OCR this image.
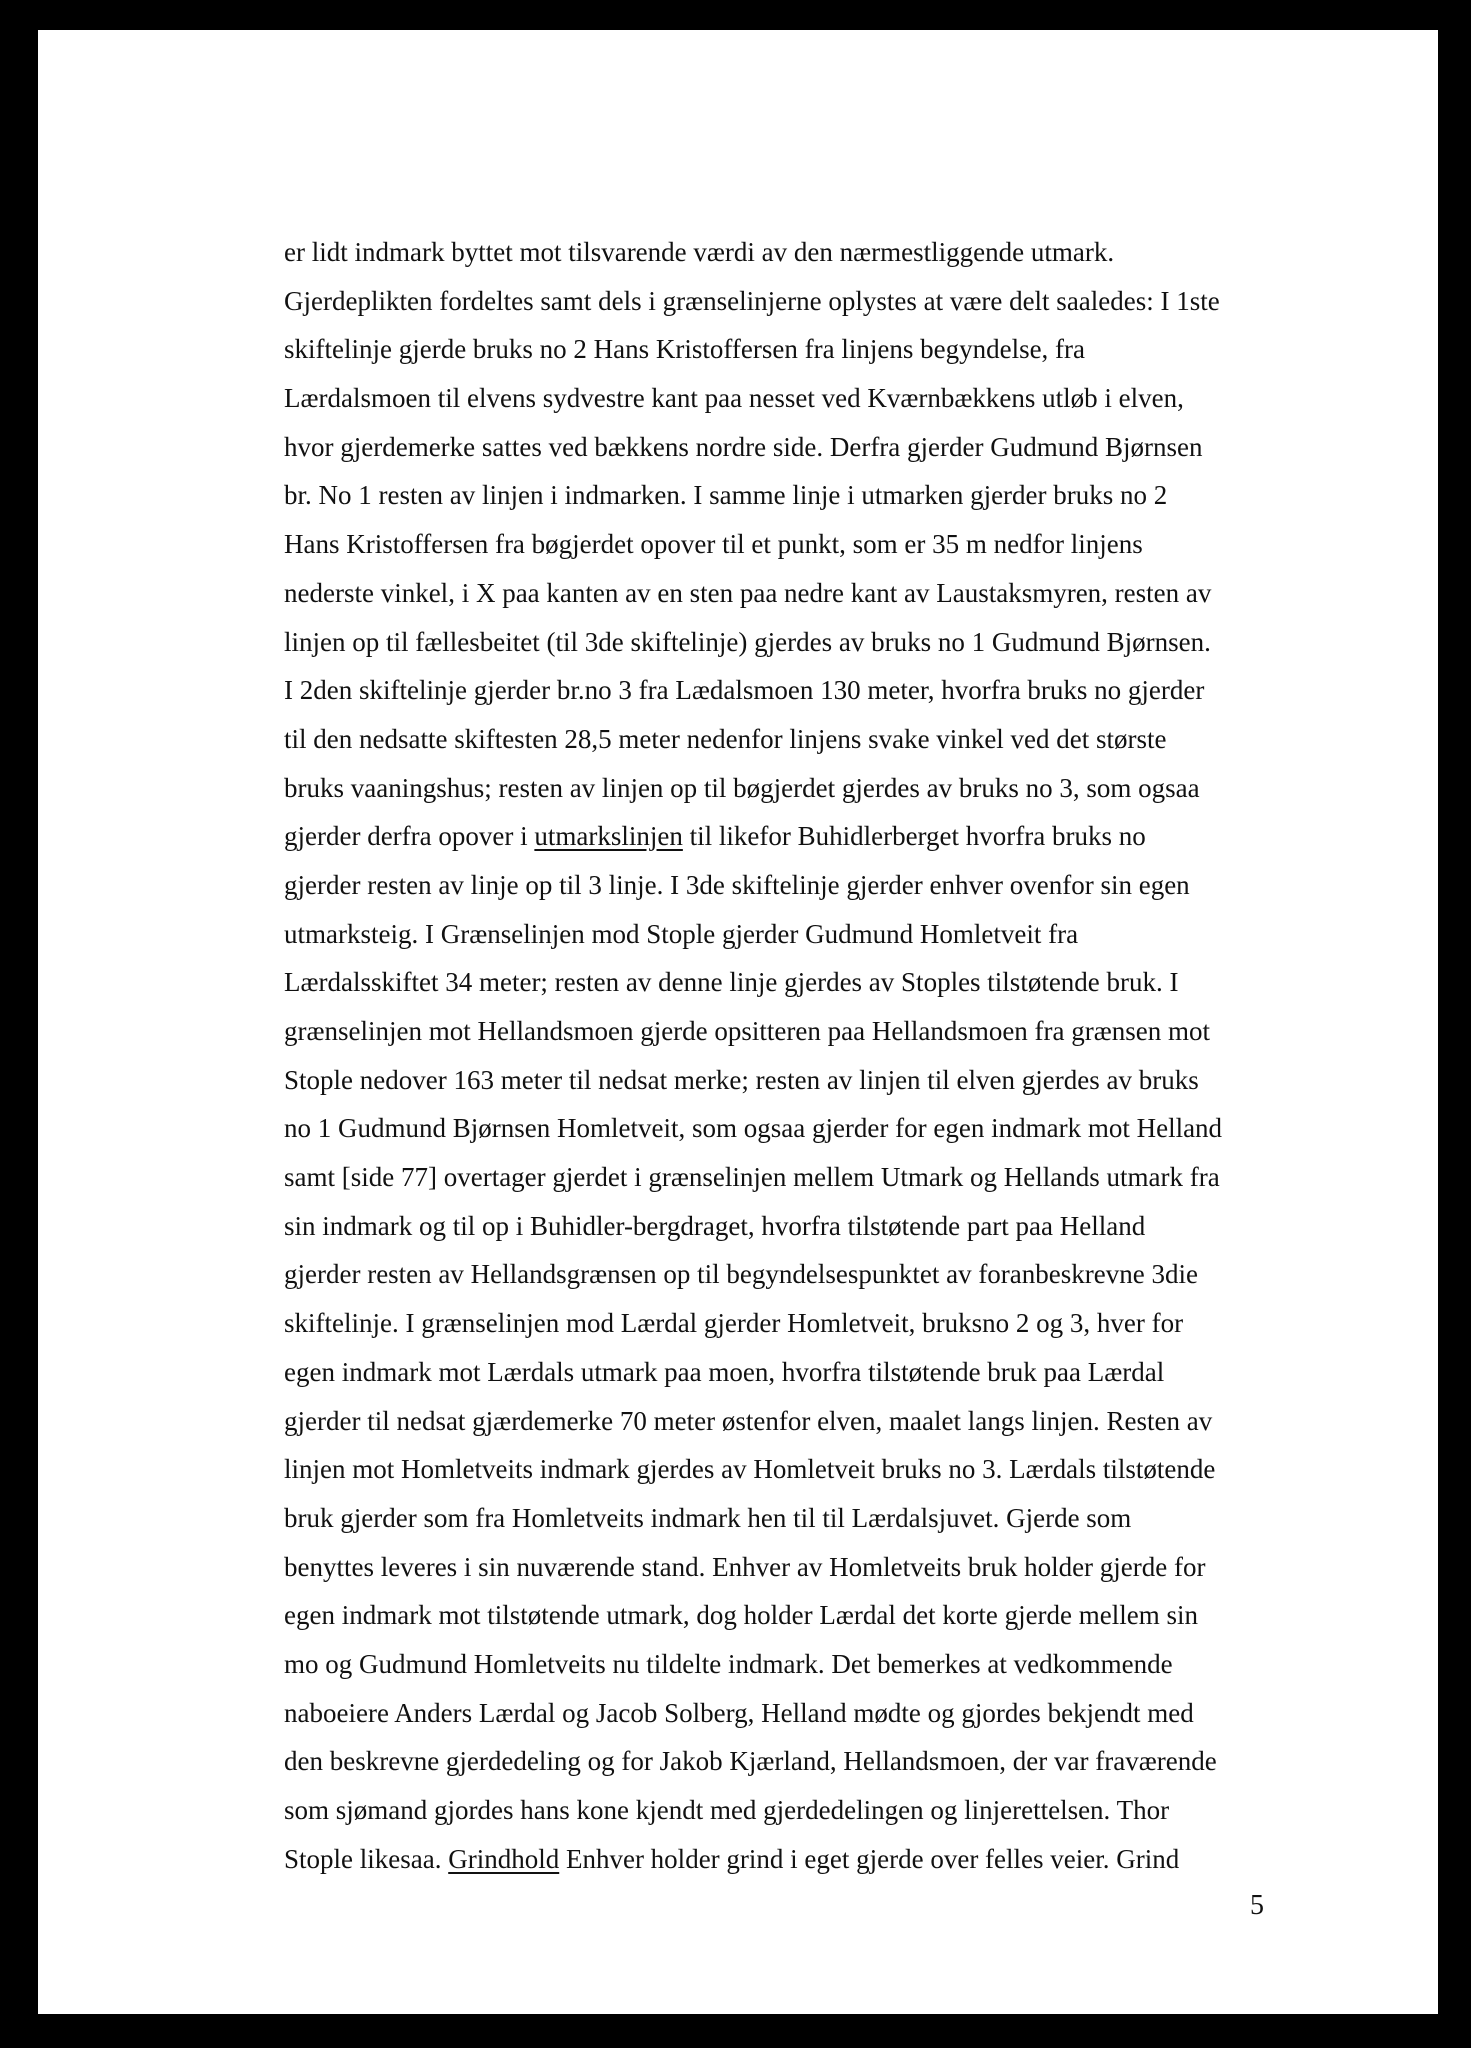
er lidt indmark byttet mot tilsvarende værdi av den nærmestliggende utmark.
Gjerdeplikten fordeltes samt dels i grænselinjerne oplystes at være delt saaledes: I 1ste
skiftelinje gjerde bruks no 2 Hans Kristoffersen fra linjens begyndelse, fra
Lærdalsmoen til elvens sydvestre kant paa nesset ved Kværnbækkens utløb i elven,
hvor gjerdemerke sattes ved bækkens nordre side. Derfra gjerder Gudmund Bjørnsen
br. No 1 resten av linjen i indmarken. I samme linje i utmarken gjerder bruks no 2
Hans Kristoffersen fra bøgjerdet opover til et punkt, som er 35 m nedfor linjens
nederste vinkel, i X paa kanten av en sten paa nedre kant av Laustaksmyren, resten av
linjen op til fællesbeitet (til 3de skiftelinje) gjerdes av bruks no 1 Gudmund Bjørnsen.
I 2den skiftelinje gjerder br.no 3 fra Lædalsmoen 130 meter, hvorfra bruks no gjerder
til den nedsatte skiftesten 28,5 meter nedenfor linjens svake vinkel ved det største
bruks vaaningshus; resten av linjen op til bøgjerdet gjerdes av bruks no 3, som ogsaa
gjerder derfra opover i utmarkslinjen til likefor Buhidlerberget hvorfra bruks no
gjerder resten av linje op til 3 linje. I 3de skiftelinje gjerder enhver ovenfor sin egen
utmarksteig. I Grænselinjen mod Stople gjerder Gudmund Homletveit fra
Lærdalsskiftet 34 meter; resten av denne linje gjerdes av Stoples tilstøtende bruk. I
grænselinjen mot Hellandsmoen gjerde opsitteren paa Hellandsmoen fra grænsen mot
Stople nedover 163 meter til nedsat merke; resten av linjen til elven gjerdes av bruks
no 1 Gudmund Bjørnsen Homletveit, som ogsaa gjerder for egen indmark mot Helland
samt [side 77] overtager gjerdet i grænselinjen mellem Utmark og Hellands utmark fra
sin indmark og til op i Buhidler-bergdraget, hvorfra tilstøtende part paa Helland
gjerder resten av Hellandsgrænsen op til begyndelsespunktet av foranbeskrevne 3die
skiftelinje. I grænselinjen mod Lærdal gjerder Homletveit, bruksno 2 og 3, hver for
egen indmark mot Lærdals utmark paa moen, hvorfra tilstøtende bruk paa Lærdal
gjerder til nedsat gjærdemerke 70 meter østenfor elven, maalet langs linjen. Resten av
linjen mot Homletveits indmark gjerdes av Homletveit bruks no 3. Lærdals tilstøtende
bruk gjerder som fra Homletveits indmark hen til til Lærdalsjuvet. Gjerde som
benyttes leveres i sin nuværende stand. Enhver av Homletveits bruk holder gjerde for
egen indmark mot tilstøtende utmark, dog holder Lærdal det korte gjerde mellem sin
mo og Gudmund Homletveits nu tildelte indmark. Det bemerkes at vedkommende
naboeiere Anders Lærdal og Jacob Solberg, Helland mødte og gjordes bekjendt med
den beskrevne gjerdedeling og for Jakob Kjærland, Hellandsmoen, der var fraværende
som sjømand gjordes hans kone kjendt med gjerdedelingen og linjerettelsen. Thor
Stople likesaa. Grindhold Enhver holder grind i eget gjerde over felles veier. Grind
5
